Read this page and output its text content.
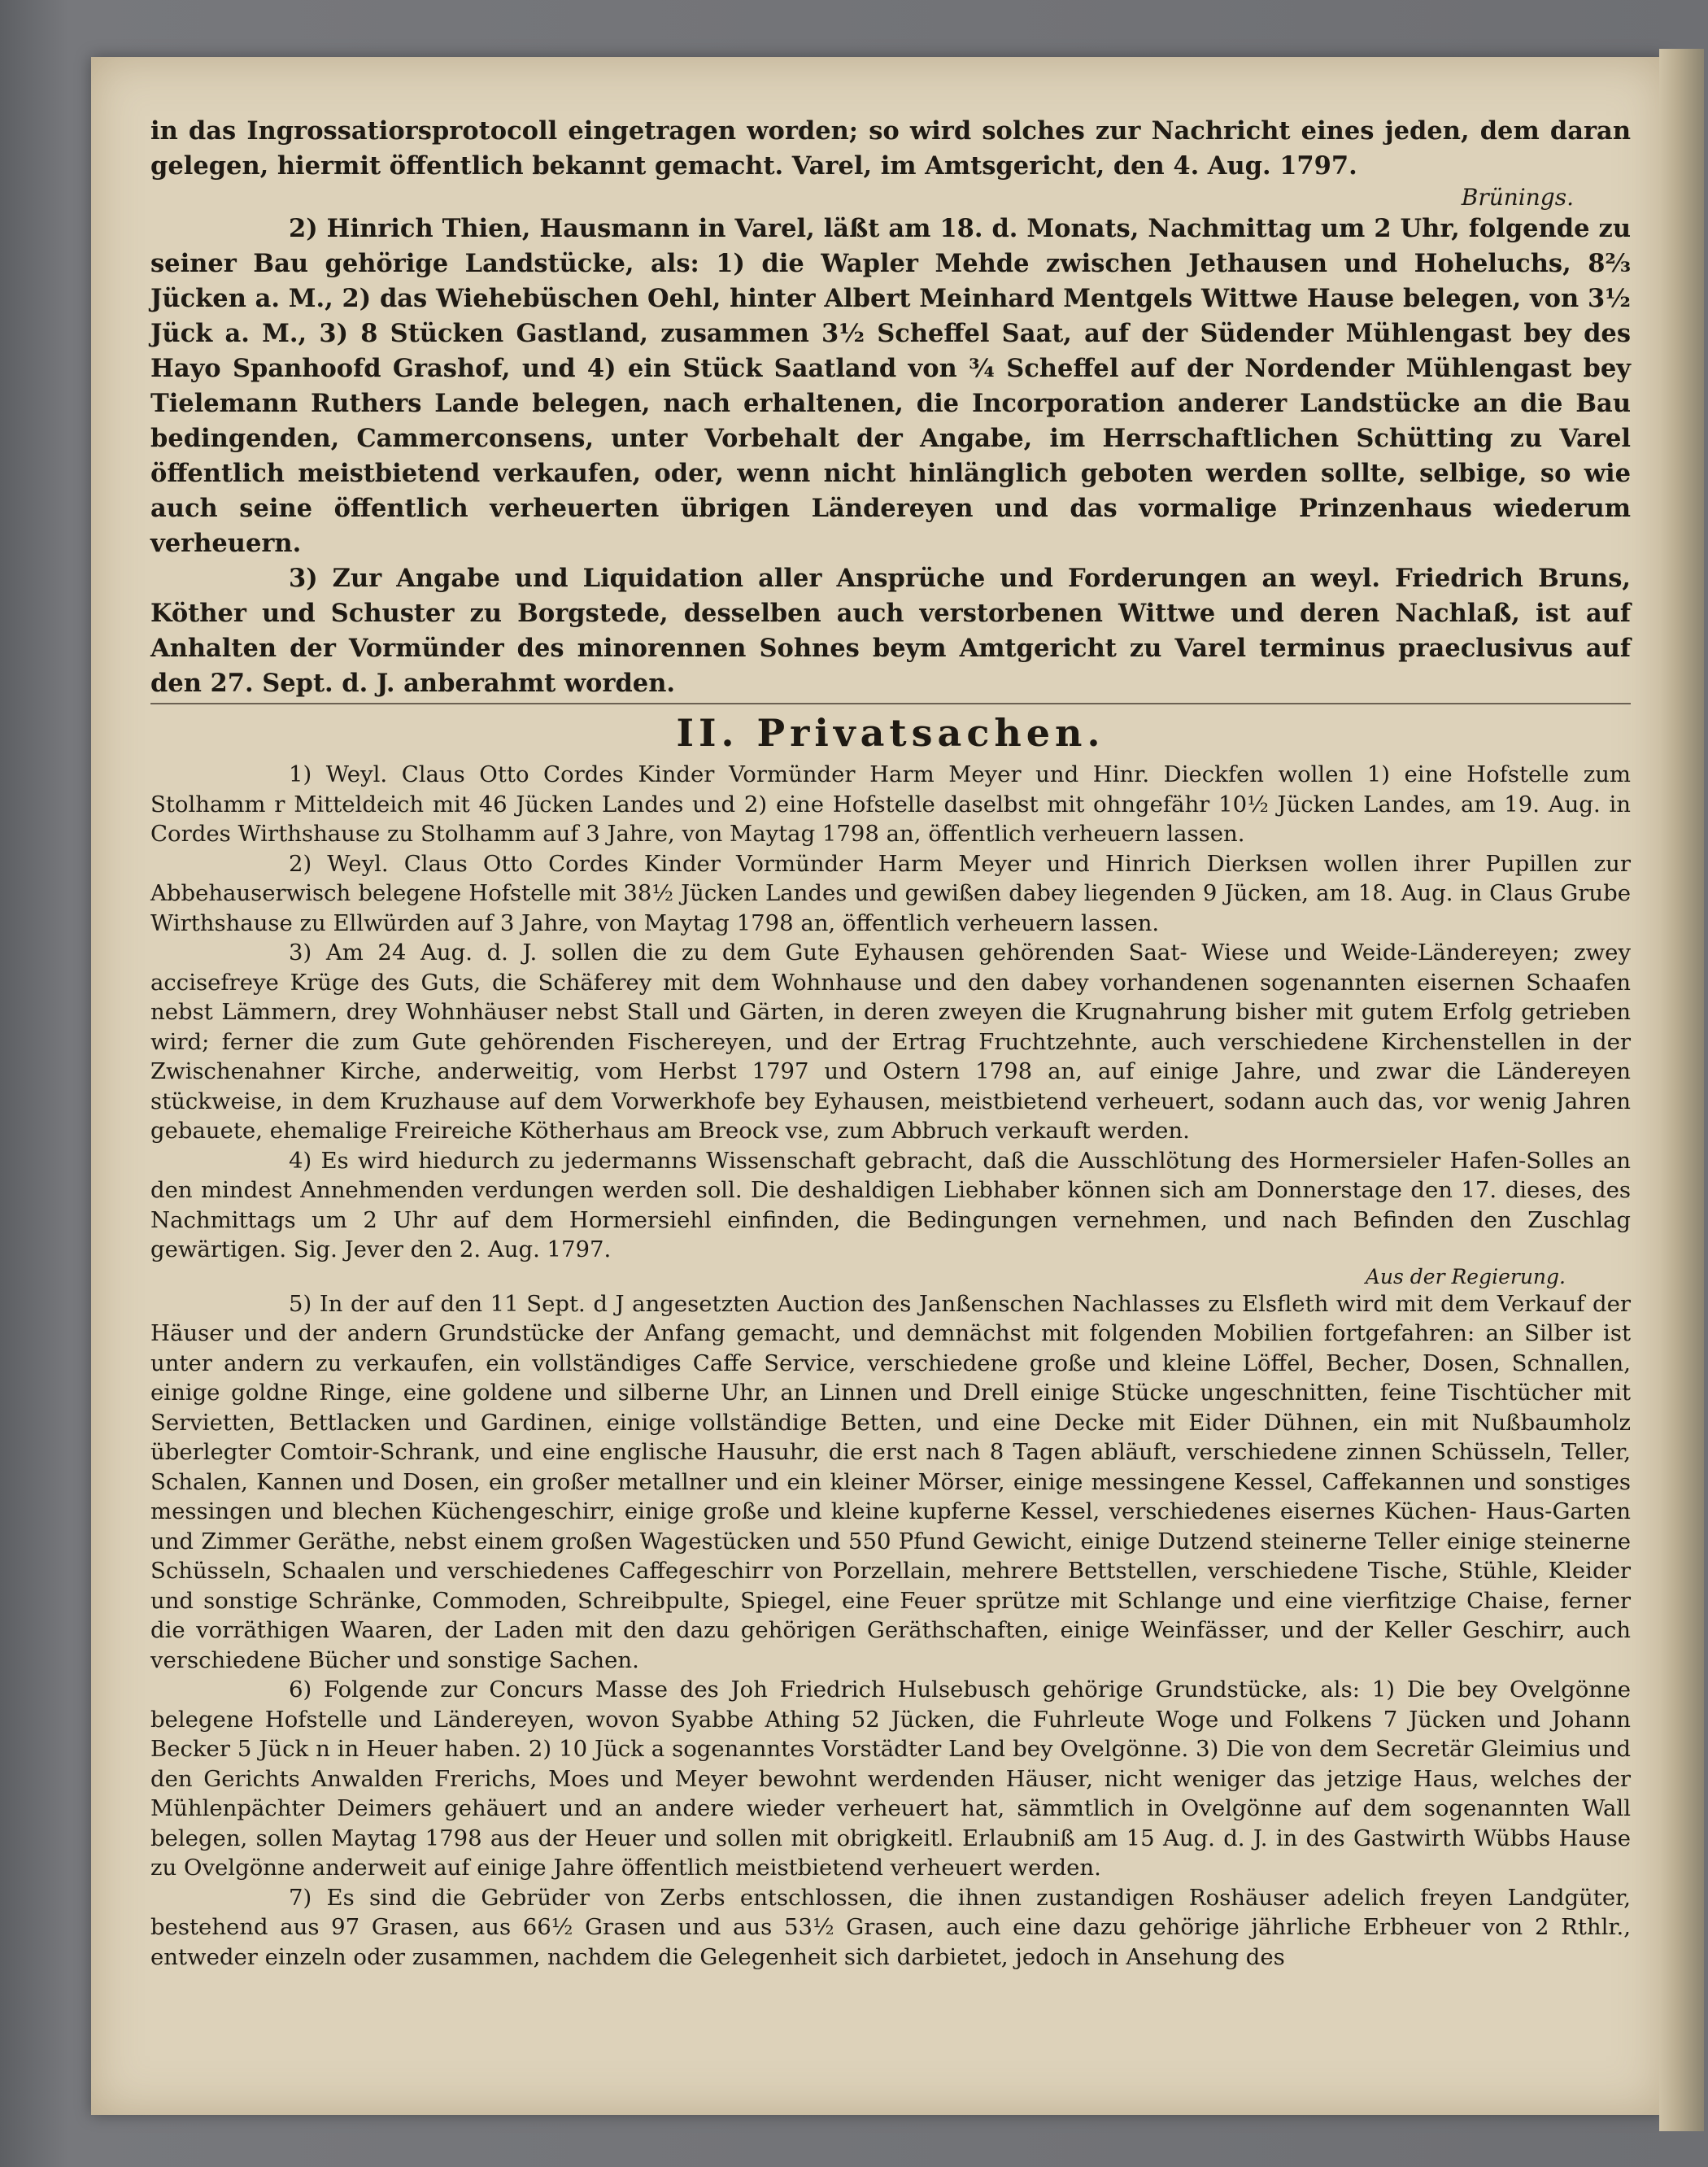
in das Ingrossatiorsprotocoll eingetragen worden; so wird solches zur Nachricht eines jeden, dem daran gelegen, hiermit öffentlich bekannt gemacht. Varel, im Amtsgericht, den 4. Aug. 1797.

Brünings.

2) Hinrich Thien, Hausmann in Varel, läßt am 18. d. Monats, Nachmittag um 2 Uhr, folgende zu seiner Bau gehörige Landstücke, als: 1) die Wapler Mehde zwischen Jethausen und Hoheluchs, 8⅔ Jücken a. M., 2) das Wiehebüschen Oehl, hinter Albert Meinhard Mentgels Wittwe Hause belegen, von 3½ Jück a. M., 3) 8 Stücken Gastland, zusammen 3½ Scheffel Saat, auf der Südender Mühlengast bey des Hayo Spanhoofd Grashof, und 4) ein Stück Saatland von ¾ Scheffel auf der Nordender Mühlengast bey Tielemann Ruthers Lande belegen, nach erhaltenen, die Incorporation anderer Landstücke an die Bau bedingenden, Cammerconsens, unter Vorbehalt der Angabe, im Herrschaftlichen Schütting zu Varel öffentlich meistbietend verkaufen, oder, wenn nicht hinlänglich geboten werden sollte, selbige, so wie auch seine öffentlich verheuerten übrigen Ländereyen und das vormalige Prinzenhaus wiederum verheuern.

3) Zur Angabe und Liquidation aller Ansprüche und Forderungen an weyl. Friedrich Bruns, Köther und Schuster zu Borgstede, desselben auch verstorbenen Wittwe und deren Nachlaß, ist auf Anhalten der Vormünder des minorennen Sohnes beym Amtgericht zu Varel terminus praeclusivus auf den 27. Sept. d. J. anberahmt worden.

II. Privatsachen.

1) Weyl. Claus Otto Cordes Kinder Vormünder Harm Meyer und Hinr. Dieckfen wollen 1) eine Hofstelle zum Stolhamm r Mitteldeich mit 46 Jücken Landes und 2) eine Hofstelle daselbst mit ohngefähr 10½ Jücken Landes, am 19. Aug. in Cordes Wirthshause zu Stolhamm auf 3 Jahre, von Maytag 1798 an, öffentlich verheuern lassen.

2) Weyl. Claus Otto Cordes Kinder Vormünder Harm Meyer und Hinrich Dierksen wollen ihrer Pupillen zur Abbehauserwisch belegene Hofstelle mit 38½ Jücken Landes und gewißen dabey liegenden 9 Jücken, am 18. Aug. in Claus Grube Wirthshause zu Ellwürden auf 3 Jahre, von Maytag 1798 an, öffentlich verheuern lassen.

3) Am 24 Aug. d. J. sollen die zu dem Gute Eyhausen gehörenden Saat- Wiese und Weide-Ländereyen; zwey accisefreye Krüge des Guts, die Schäferey mit dem Wohnhause und den dabey vorhandenen sogenannten eisernen Schaafen nebst Lämmern, drey Wohnhäuser nebst Stall und Gärten, in deren zweyen die Krugnahrung bisher mit gutem Erfolg getrieben wird; ferner die zum Gute gehörenden Fischereyen, und der Ertrag Fruchtzehnte, auch verschiedene Kirchenstellen in der Zwischenahner Kirche, anderweitig, vom Herbst 1797 und Ostern 1798 an, auf einige Jahre, und zwar die Ländereyen stückweise, in dem Kruzhause auf dem Vorwerkhofe bey Eyhausen, meistbietend verheuert, sodann auch das, vor wenig Jahren gebauete, ehemalige Freireiche Kötherhaus am Breock vse, zum Abbruch verkauft werden.

4) Es wird hiedurch zu jedermanns Wissenschaft gebracht, daß die Ausschlötung des Hormersieler Hafen-Solles an den mindest Annehmenden verdungen werden soll. Die deshaldigen Liebhaber können sich am Donnerstage den 17. dieses, des Nachmittags um 2 Uhr auf dem Hormersiehl einfinden, die Bedingungen vernehmen, und nach Befinden den Zuschlag gewärtigen. Sig. Jever den 2. Aug. 1797.

Aus der Regierung.

5) In der auf den 11 Sept. d J angesetzten Auction des Janßenschen Nachlasses zu Elsfleth wird mit dem Verkauf der Häuser und der andern Grundstücke der Anfang gemacht, und demnächst mit folgenden Mobilien fortgefahren: an Silber ist unter andern zu verkaufen, ein vollständiges Caffe Service, verschiedene große und kleine Löffel, Becher, Dosen, Schnallen, einige goldne Ringe, eine goldene und silberne Uhr, an Linnen und Drell einige Stücke ungeschnitten, feine Tischtücher mit Servietten, Bettlacken und Gardinen, einige vollständige Betten, und eine Decke mit Eider Dühnen, ein mit Nußbaumholz überlegter Comtoir-Schrank, und eine englische Hausuhr, die erst nach 8 Tagen abläuft, verschiedene zinnen Schüsseln, Teller, Schalen, Kannen und Dosen, ein großer metallner und ein kleiner Mörser, einige messingene Kessel, Caffekannen und sonstiges messingen und blechen Küchengeschirr, einige große und kleine kupferne Kessel, verschiedenes eisernes Küchen- Haus-Garten und Zimmer Geräthe, nebst einem großen Wagestücken und 550 Pfund Gewicht, einige Dutzend steinerne Teller einige steinerne Schüsseln, Schaalen und verschiedenes Caffegeschirr von Porzellain, mehrere Bettstellen, verschiedene Tische, Stühle, Kleider und sonstige Schränke, Commoden, Schreibpulte, Spiegel, eine Feuer sprütze mit Schlange und eine vierfitzige Chaise, ferner die vorräthigen Waaren, der Laden mit den dazu gehörigen Geräthschaften, einige Weinfässer, und der Keller Geschirr, auch verschiedene Bücher und sonstige Sachen.

6) Folgende zur Concurs Masse des Joh Friedrich Hulsebusch gehörige Grundstücke, als: 1) Die bey Ovelgönne belegene Hofstelle und Ländereyen, wovon Syabbe Athing 52 Jücken, die Fuhrleute Woge und Folkens 7 Jücken und Johann Becker 5 Jück n in Heuer haben. 2) 10 Jück a sogenanntes Vorstädter Land bey Ovelgönne. 3) Die von dem Secretär Gleimius und den Gerichts Anwalden Frerichs, Moes und Meyer bewohnt werdenden Häuser, nicht weniger das jetzige Haus, welches der Mühlenpächter Deimers gehäuert und an andere wieder verheuert hat, sämmtlich in Ovelgönne auf dem sogenannten Wall belegen, sollen Maytag 1798 aus der Heuer und sollen mit obrigkeitl. Erlaubniß am 15 Aug. d. J. in des Gastwirth Wübbs Hause zu Ovelgönne anderweit auf einige Jahre öffentlich meistbietend verheuert werden.

7) Es sind die Gebrüder von Zerbs entschlossen, die ihnen zustandigen Roshäuser adelich freyen Landgüter, bestehend aus 97 Grasen, aus 66½ Grasen und aus 53½ Grasen, auch eine dazu gehörige jährliche Erbheuer von 2 Rthlr., entweder einzeln oder zusammen, nachdem die Gelegenheit sich darbietet, jedoch in Ansehung des
